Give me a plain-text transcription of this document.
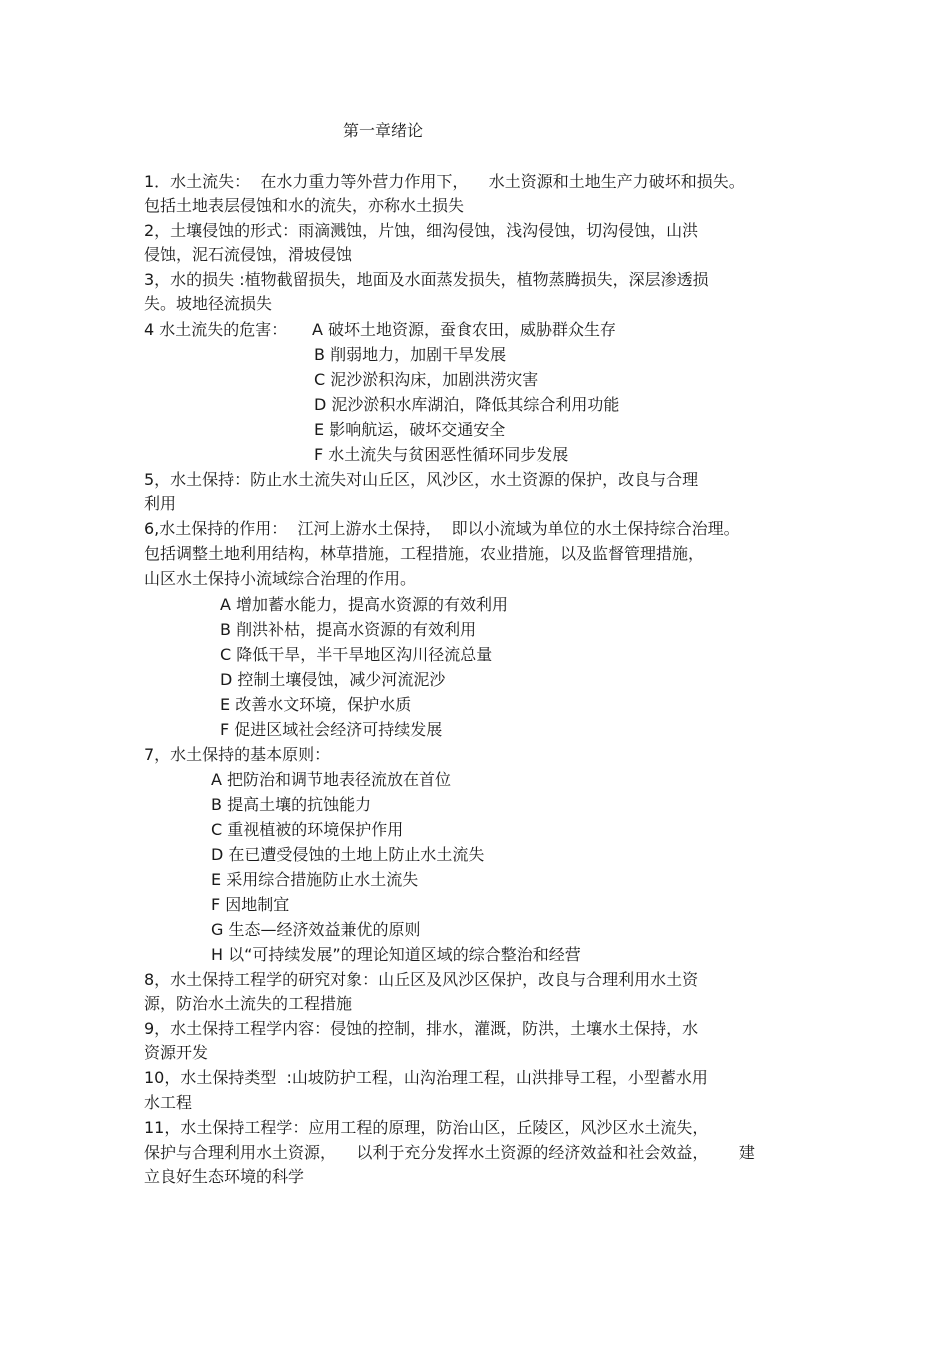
第一章绪论
1．水土流失：  在水力重力等外营力作用下，    水土资源和土地生产力破坏和损失。
包括土地表层侵蚀和水的流失，亦称水土损失
2，土壤侵蚀的形式：雨滴溅蚀，片蚀，细沟侵蚀，浅沟侵蚀，切沟侵蚀，山洪
侵蚀，泥石流侵蚀，滑坡侵蚀
3，水的损失 :植物截留损失，地面及水面蒸发损失，植物蒸腾损失，深层渗透损
失。坡地径流损失
4 水土流失的危害： A 破坏土地资源，蚕食农田，威胁群众生存
B 削弱地力，加剧干旱发展
C 泥沙淤积沟床，加剧洪涝灾害
D 泥沙淤积水库湖泊，降低其综合利用功能
E 影响航运，破坏交通安全
F 水土流失与贫困恶性循环同步发展
5，水土保持：防止水土流失对山丘区，风沙区，水土资源的保护，改良与合理
利用
6,水土保持的作用：  江河上游水土保持，  即以小流域为单位的水土保持综合治理。
包括调整土地利用结构，林草措施，工程措施，农业措施，以及监督管理措施，
山区水土保持小流域综合治理的作用。
A 增加蓄水能力，提高水资源的有效利用
B 削洪补枯，提高水资源的有效利用
C 降低干旱，半干旱地区沟川径流总量
D 控制土壤侵蚀，减少河流泥沙
E 改善水文环境，保护水质
F 促进区域社会经济可持续发展
7，水土保持的基本原则：
A 把防治和调节地表径流放在首位
B 提高土壤的抗蚀能力
C 重视植被的环境保护作用
D 在已遭受侵蚀的土地上防止水土流失
E 采用综合措施防止水土流失
F 因地制宜
G 生态—经济效益兼优的原则
H 以“可持续发展”的理论知道区域的综合整治和经营
8，水土保持工程学的研究对象：山丘区及风沙区保护，改良与合理利用水土资
源，防治水土流失的工程措施
9，水土保持工程学内容：侵蚀的控制，排水，灌溉，防洪，土壤水土保持，水
资源开发
10，水土保持类型  :山坡防护工程，山沟治理工程，山洪排导工程，小型蓄水用
水工程
11，水土保持工程学：应用工程的原理，防治山区，丘陵区，风沙区水土流失，
保护与合理利用水土资源，    以利于充分发挥水土资源的经济效益和社会效益，      建
立良好生态环境的科学
